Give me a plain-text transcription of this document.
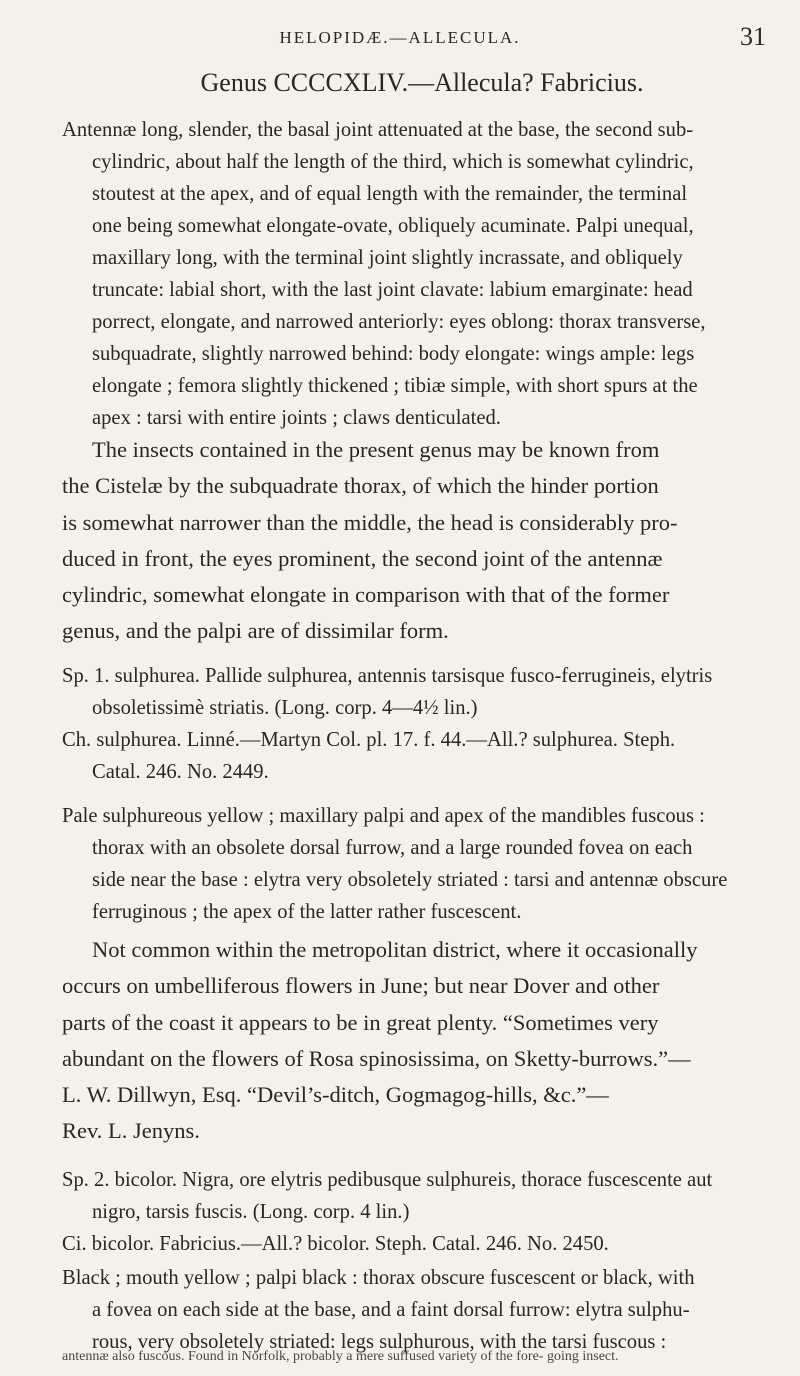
HELOPIDÆ.—ALLECULA.	31
Genus CCCCXLIV.—Allecula? Fabricius.

Antennæ long, slender, the basal joint attenuated at the base, the second sub-

cylindric, about half the length of the third, which is somewhat cylindric,

stoutest at the apex, and of equal length with the remainder, the terminal

one being somewhat elongate-ovate, obliquely acuminate. Palpi unequal,

maxillary long, with the terminal joint slightly incrassate, and obliquely

truncate: labial short, with the last joint clavate: labium emarginate: head

porrect, elongate, and narrowed anteriorly: eyes oblong: thorax transverse,

subquadrate, slightly narrowed behind: body elongate: wings ample: legs

elongate ; femora slightly thickened ; tibiæ simple, with short spurs at the

apex : tarsi with entire joints ; claws denticulated.

The insects contained in the present genus may be known from

the Cistelæ by the subquadrate thorax, of which the hinder portion

is somewhat narrower than the middle, the head is considerably pro-

duced in front, the eyes prominent, the second joint of the antennæ

cylindric, somewhat elongate in comparison with that of the former

genus, and the palpi are of dissimilar form.

Sp. 1. sulphurea. Pallide sulphurea, antennis tarsisque fusco-ferrugineis, elytris

obsoletissimè striatis. (Long. corp. 4—4½ lin.)

Ch. sulphurea. Linné.—Martyn Col. pl. 17. f. 44.—All.? sulphurea. Steph.

Catal. 246. No. 2449.

Pale sulphureous yellow ; maxillary palpi and apex of the mandibles fuscous :

thorax with an obsolete dorsal furrow, and a large rounded fovea on each

side near the base : elytra very obsoletely striated : tarsi and antennæ obscure

ferruginous ; the apex of the latter rather fuscescent.

Not common within the metropolitan district, where it occasionally

occurs on umbelliferous flowers in June; but near Dover and other

parts of the coast it appears to be in great plenty. “Sometimes very

abundant on the flowers of Rosa spinosissima, on Sketty-burrows.”—

L. W. Dillwyn, Esq. “Devil’s-ditch, Gogmagog-hills, &c.”—

Rev. L. Jenyns.

Sp. 2. bicolor. Nigra, ore elytris pedibusque sulphureis, thorace fuscescente aut

nigro, tarsis fuscis. (Long. corp. 4 lin.)

Ci. bicolor. Fabricius.—All.? bicolor. Steph. Catal. 246. No. 2450.

Black ; mouth yellow ; palpi black : thorax obscure fuscescent or black, with

a fovea on each side at the base, and a faint dorsal furrow: elytra sulphu-

rous, very obsoletely striated: legs sulphurous, with the tarsi fuscous :

antennæ also fuscous. Found in Norfolk, probably a mere suffused variety of the fore- going insect.
